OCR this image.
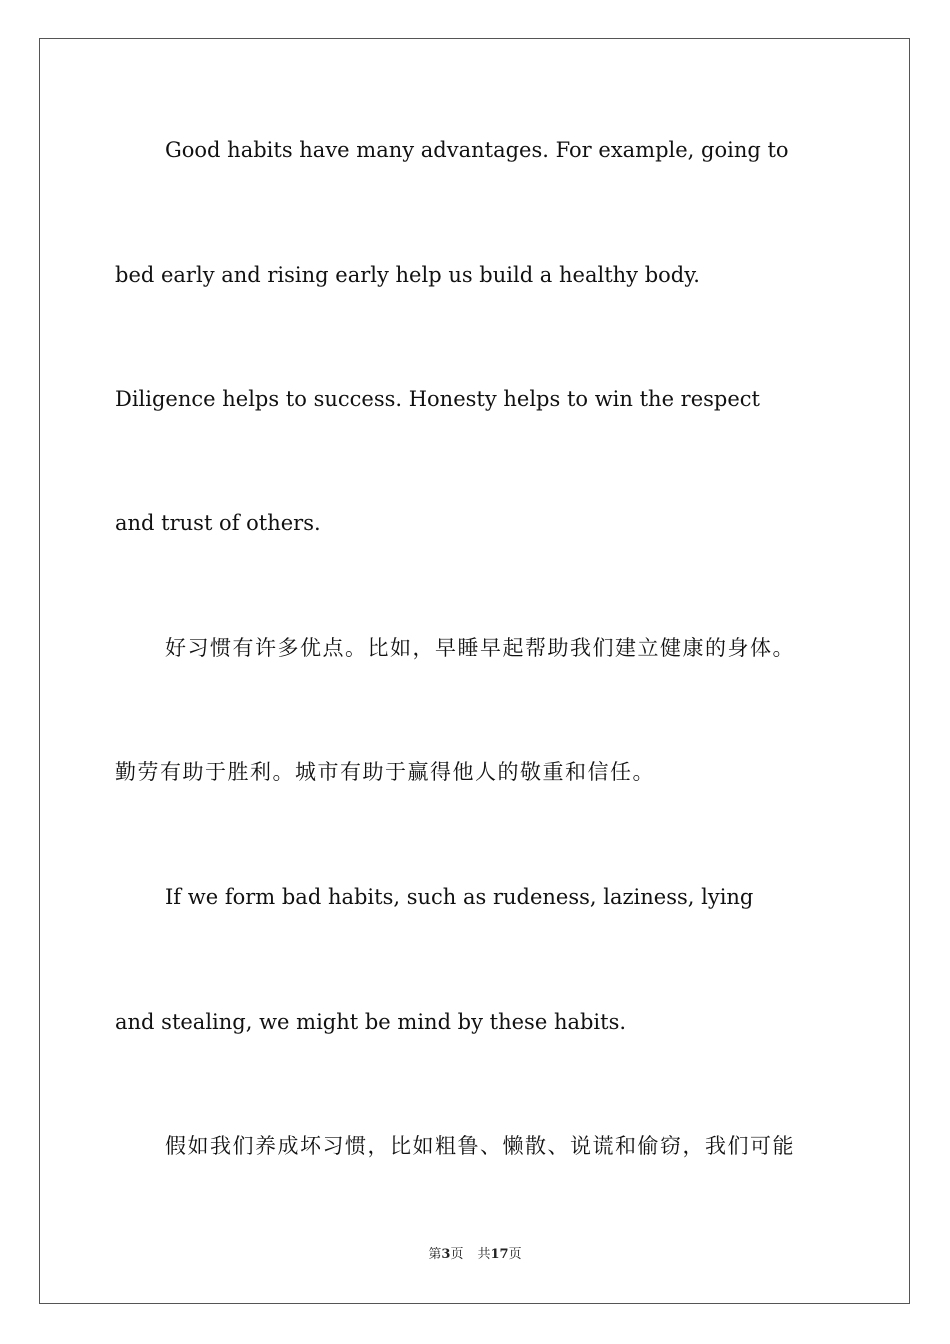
Good habits have many advantages. For example, going to
bed early and rising early help us build a healthy body.
Diligence helps to success. Honesty helps to win the respect
and trust of others.
好习惯有许多优点。比如，早睡早起帮助我们建立健康的身体。
勤劳有助于胜利。城市有助于赢得他人的敬重和信任。
If we form bad habits, such as rudeness, laziness, lying
and stealing, we might be mind by these habits.
假如我们养成坏习惯，比如粗鲁、懒散、说谎和偷窃，我们可能
第3页 共17页
